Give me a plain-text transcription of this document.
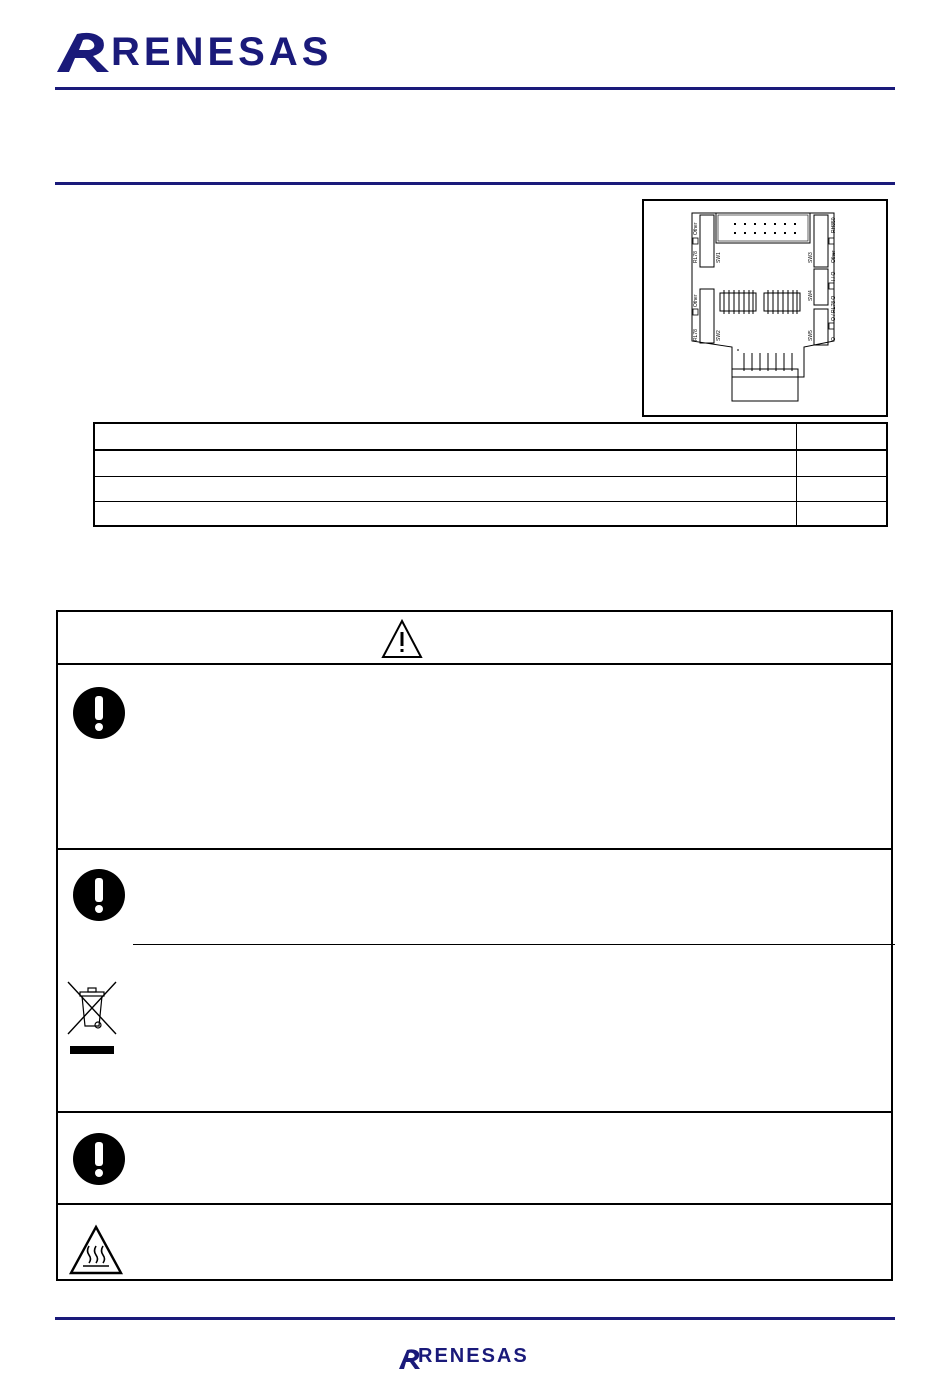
RENESAS
Other
RL78	SW1
Other
RL78	SW2
RH850
Other
SW3
I / O
SW4
O / RL78 O
SW5	O
RENESAS
